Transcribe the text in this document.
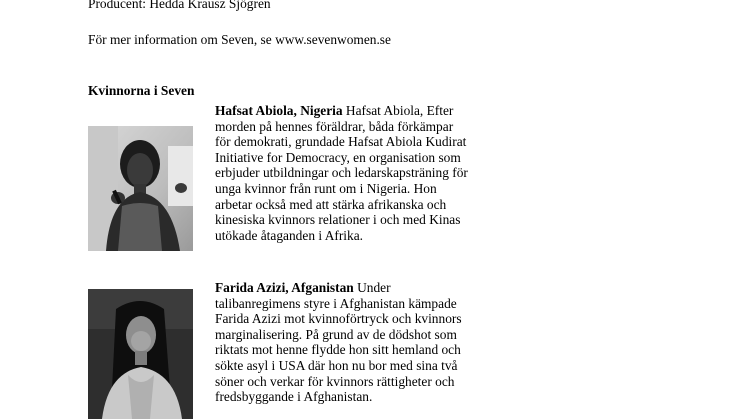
Producent: Hedda Krausz Sjögren
För mer information om Seven, se www.sevenwomen.se
Kvinnorna i Seven
Hafsat Abiola, Nigeria Hafsat Abiola, Efter
morden på hennes föräldrar, båda förkämpar
för demokrati, grundade Hafsat Abiola Kudirat
Initiative for Democracy, en organisation som
erbjuder utbildningar och ledarskapsträning för
unga kvinnor från runt om i Nigeria. Hon
arbetar också med att stärka afrikanska och
kinesiska kvinnors relationer i och med Kinas
utökade åtaganden i Afrika.
Farida Azizi, Afganistan Under
talibanregimens styre i Afghanistan kämpade
Farida Azizi mot kvinnoförtryck och kvinnors
marginalisering. På grund av de dödshot som
riktats mot henne flydde hon sitt hemland och
sökte asyl i USA där hon nu bor med sina två
söner och verkar för kvinnors rättigheter och
fredsbyggande i Afghanistan.
